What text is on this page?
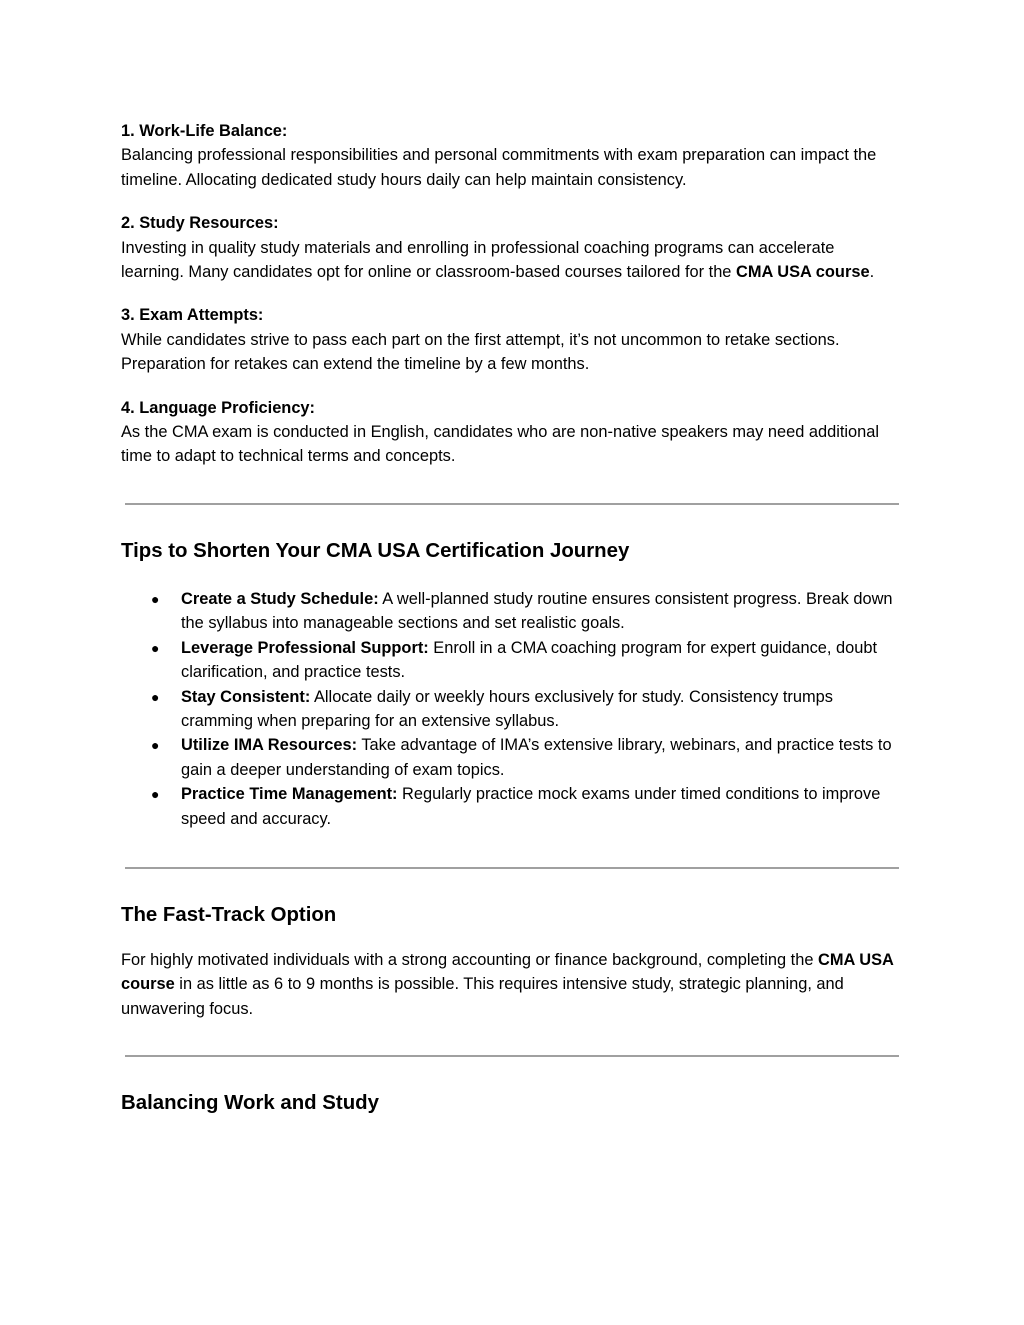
1. Work-Life Balance:

Balancing professional responsibilities and personal commitments with exam preparation can impact the timeline. Allocating dedicated study hours daily can help maintain consistency.

2. Study Resources:

Investing in quality study materials and enrolling in professional coaching programs can accelerate learning. Many candidates opt for online or classroom-based courses tailored for the CMA USA course.

3. Exam Attempts:

While candidates strive to pass each part on the first attempt, it’s not uncommon to retake sections. Preparation for retakes can extend the timeline by a few months.

4. Language Proficiency:

As the CMA exam is conducted in English, candidates who are non-native speakers may need additional time to adapt to technical terms and concepts.

Tips to Shorten Your CMA USA Certification Journey
● Create a Study Schedule: A well-planned study routine ensures consistent progress. Break down the syllabus into manageable sections and set realistic goals.
● Leverage Professional Support: Enroll in a CMA coaching program for expert guidance, doubt clarification, and practice tests.
● Stay Consistent: Allocate daily or weekly hours exclusively for study. Consistency trumps cramming when preparing for an extensive syllabus.
● Utilize IMA Resources: Take advantage of IMA’s extensive library, webinars, and practice tests to gain a deeper understanding of exam topics.
● Practice Time Management: Regularly practice mock exams under timed conditions to improve speed and accuracy.
The Fast-Track Option

For highly motivated individuals with a strong accounting or finance background, completing the CMA USA course in as little as 6 to 9 months is possible. This requires intensive study, strategic planning, and unwavering focus.

Balancing Work and Study
